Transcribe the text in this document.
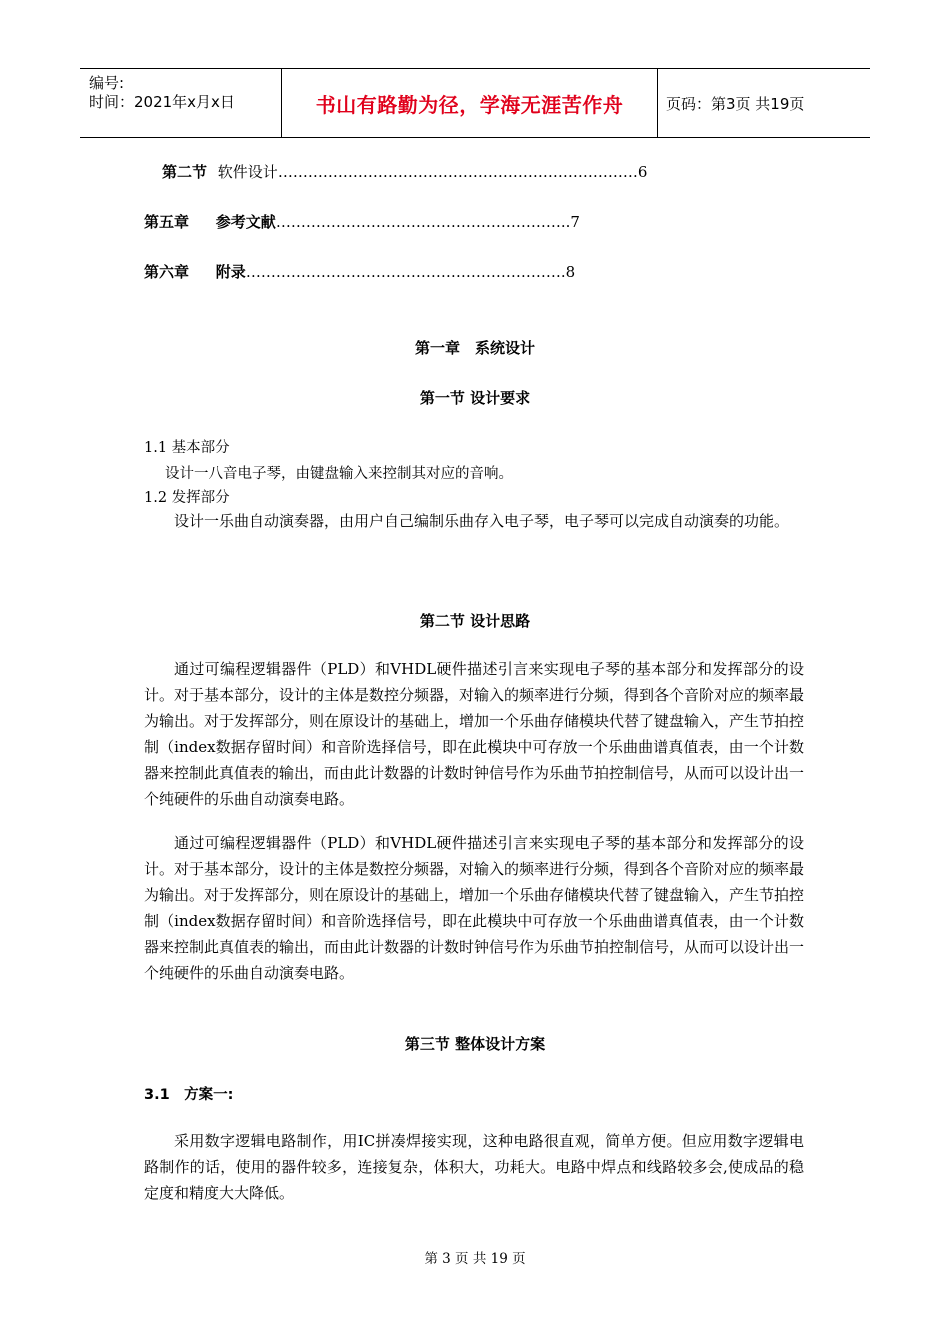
编号:
时间：2021年x月x日	书山有路勤为径，学海无涯苦作舟	页码：第3页 共19页
第二节 软件设计………………………………………………………………6
第五章 参考文献…………………………………………………..7
第六章 附录……………………………………………………….8
第一章　系统设计
第一节 设计要求
1.1 基本部分
设计一八音电子琴，由键盘输入来控制其对应的音响。
1.2 发挥部分
设计一乐曲自动演奏器，由用户自己编制乐曲存入电子琴，电子琴可以完成自动演奏的功能。
第二节 设计思路
通过可编程逻辑器件（PLD）和VHDL硬件描述引言来实现电子琴的基本部分和发挥部分的设计。对于基本部分，设计的主体是数控分频器，对输入的频率进行分频，得到各个音阶对应的频率最为输出。对于发挥部分，则在原设计的基础上，增加一个乐曲存储模块代替了键盘输入，产生节拍控制（index数据存留时间）和音阶选择信号，即在此模块中可存放一个乐曲曲谱真值表，由一个计数器来控制此真值表的输出，而由此计数器的计数时钟信号作为乐曲节拍控制信号，从而可以设计出一个纯硬件的乐曲自动演奏电路。
通过可编程逻辑器件（PLD）和VHDL硬件描述引言来实现电子琴的基本部分和发挥部分的设计。对于基本部分，设计的主体是数控分频器，对输入的频率进行分频，得到各个音阶对应的频率最为输出。对于发挥部分，则在原设计的基础上，增加一个乐曲存储模块代替了键盘输入，产生节拍控制（index数据存留时间）和音阶选择信号，即在此模块中可存放一个乐曲曲谱真值表，由一个计数器来控制此真值表的输出，而由此计数器的计数时钟信号作为乐曲节拍控制信号，从而可以设计出一个纯硬件的乐曲自动演奏电路。
第三节 整体设计方案
3.1　方案一:
采用数字逻辑电路制作，用IC拼凑焊接实现，这种电路很直观，简单方便。但应用数字逻辑电路制作的话，使用的器件较多，连接复杂，体积大，功耗大。电路中焊点和线路较多会,使成品的稳定度和精度大大降低。
第 3 页 共 19 页
